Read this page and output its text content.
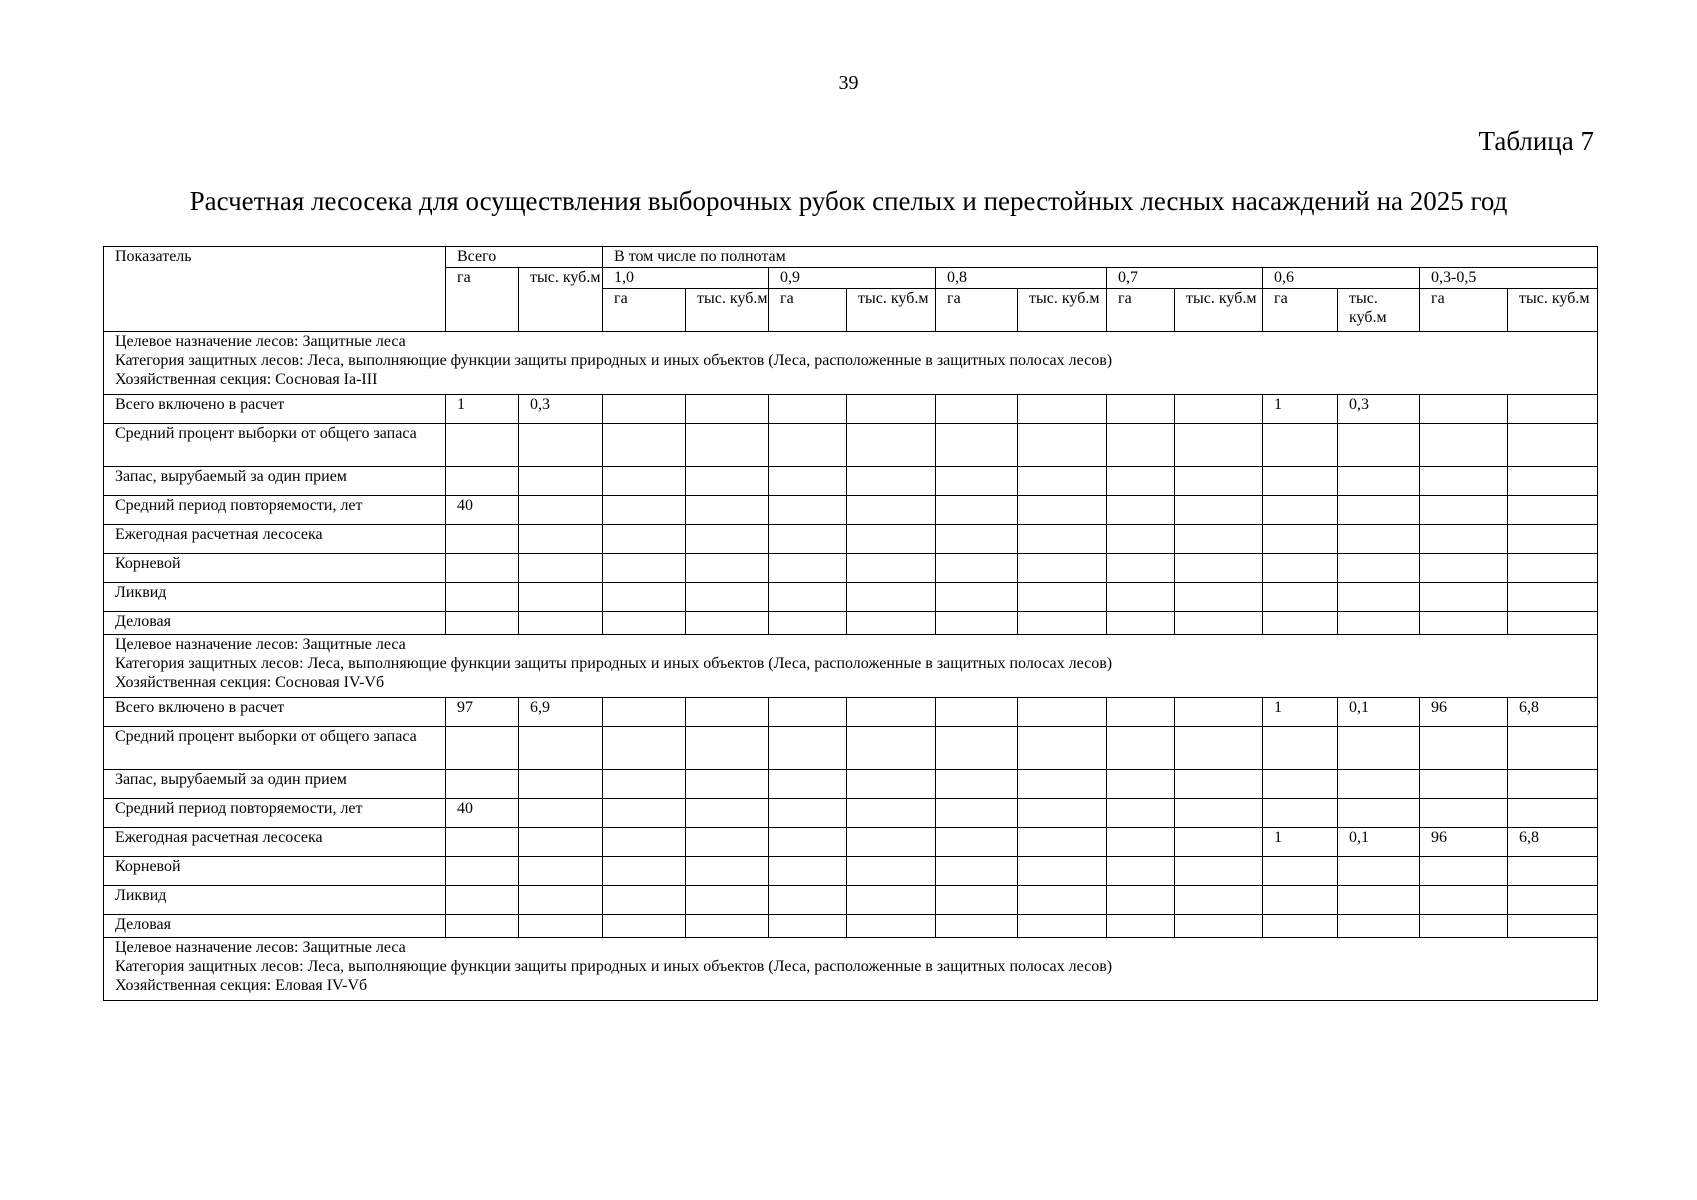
39
Таблица 7
Расчетная лесосека для осуществления выборочных рубок спелых и перестойных лесных насаждений на 2025 год
Показатель	Всего		В том числе по полнотам											
	га	тыс. куб.м	1,0		0,9		0,8		0,7		0,6		0,3-0,5	
			га	тыс. куб.м	га	тыс. куб.м	га	тыс. куб.м	га	тыс. куб.м	га	тыс. куб.м	га	тыс. куб.м

Целевое назначение лесов: Защитные леса
Категория защитных лесов: Леса, выполняющие функции защиты природных и иных объектов (Леса, расположенные в защитных полосах лесов)
Хозяйственная секция: Сосновая Ia-III														

Всего включено в расчет	1	0,3									1	0,3		
Средний процент выборки от общего запаса														
Запас, вырубаемый за один прием														
Средний период повторяемости, лет	40													
Ежегодная расчетная лесосека														
Корневой														
Ликвид														
Деловая														

Целевое назначение лесов: Защитные леса
Категория защитных лесов: Леса, выполняющие функции защиты природных и иных объектов (Леса, расположенные в защитных полосах лесов)
Хозяйственная секция: Сосновая IV-Vб														

Всего включено в расчет	97	6,9									1	0,1	96	6,8
Средний процент выборки от общего запаса														
Запас, вырубаемый за один прием														
Средний период повторяемости, лет	40													
Ежегодная расчетная лесосека											1	0,1	96	6,8
Корневой														
Ликвид														
Деловая														

Целевое назначение лесов: Защитные леса
Категория защитных лесов: Леса, выполняющие функции защиты природных и иных объектов (Леса, расположенные в защитных полосах лесов)
Хозяйственная секция: Еловая IV-Vб														
